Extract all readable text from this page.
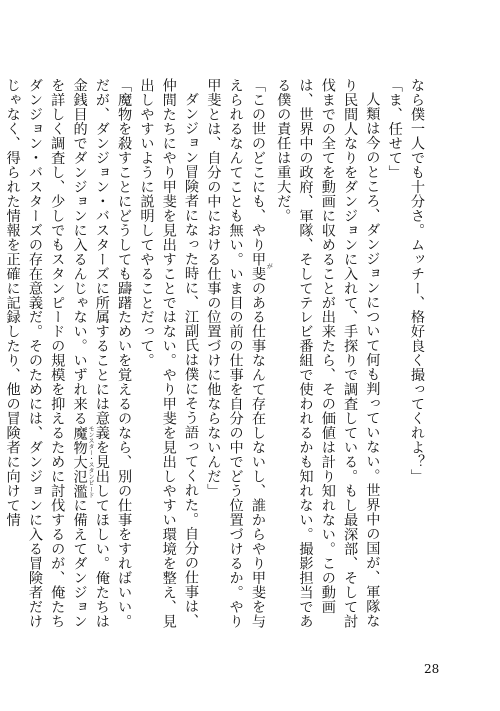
なら僕一人でも十分さ。ムッチー、格好良く撮ってくれよ？」

「ま、任せて」

人類は今のところ、ダンジョンについて何も判っていない。世界中の国が、軍隊なり民間人なりをダンジョンに入れて、手探りで調査している。もし最深部、そして討伐までの全てを動画に収めることが出来たら、その価値は計り知れない。この動画は、世界中の政府、軍隊、そしてテレビ番組で使われるかも知れない。撮影担当である僕の責任は重大だ。

「この世のどこにも、やり甲斐 がのある仕事なんて存在しないし、誰からやり甲斐を与えられるなんてことも無い。いま目の前の仕事を自分の中でどう位置づけるか。やり甲斐とは、自分の中における仕事の位置づけに他ならないんだ」

ダンジョン冒険者になった時に、江副氏は僕にそう語ってくれた。自分の仕事は、仲間たちにやり甲斐を見出すことではない。やり甲斐を見出しやすい環境を整え、見出しやすいように説明してやることだって。

「魔物を殺すことにどうしても躊躇ためいを覚えるのなら、別の仕事をすればいい。だが、ダンジョン・バスターズに所属することには意義を見出してほしい。俺たちは金銭目的でダンジョンに入るんじゃない。いずれ来る魔物大氾濫 モンスター・スタンピードに備えてダンジョンを詳しく調査し、少しでもスタンピードの規模を抑えるために討伐するのが、俺たちダンジョン・バスターズの存在意義だ。そのためには、ダンジョンに入る冒険者だけじゃなく、得られた情報を正確に記録したり、他の冒険者に向けて情

28
